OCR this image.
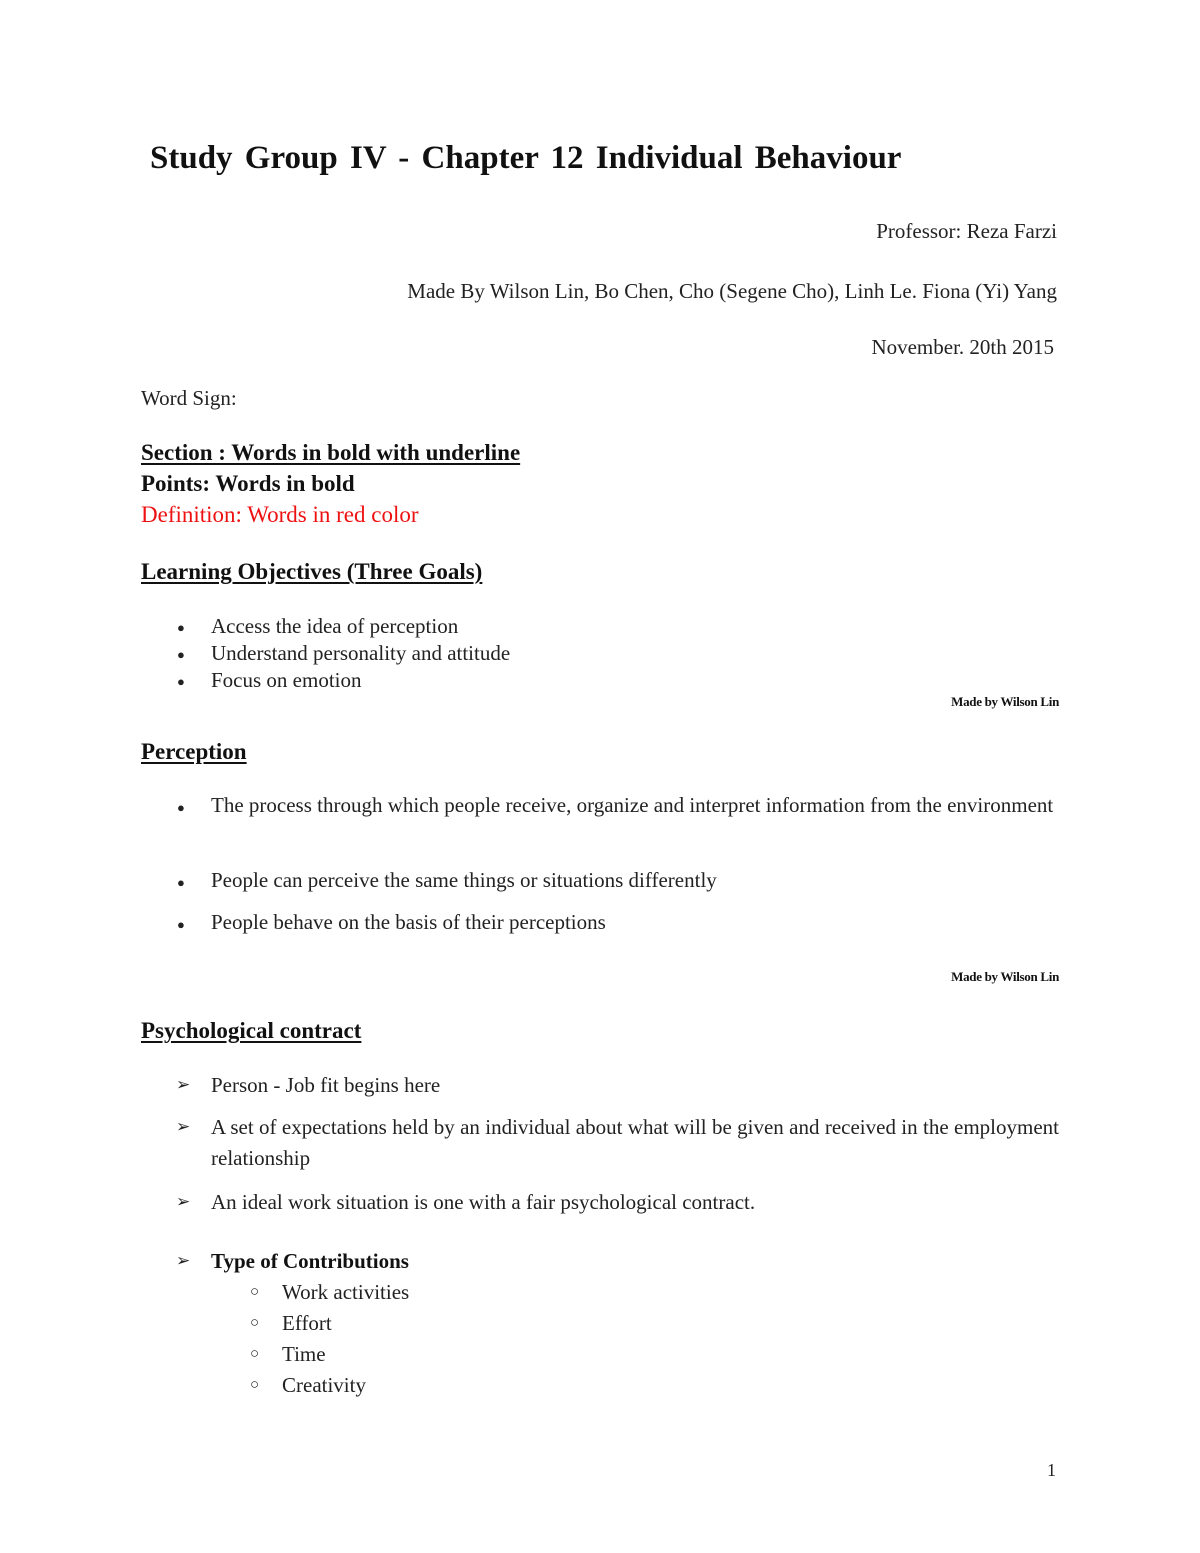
Study Group IV - Chapter 12 Individual Behaviour
Professor: Reza Farzi
Made By Wilson Lin, Bo Chen, Cho (Segene Cho), Linh Le. Fiona (Yi) Yang
November. 20th 2015
Word Sign:
Section : Words in bold with underline
Points: Words in bold
Definition: Words in red color
Learning Objectives (Three Goals)
● Access the idea of perception
● Understand personality and attitude
● Focus on emotion
Made by Wilson Lin
Perception
● The process through which people receive, organize and interpret information from the environment
● People can perceive the same things or situations differently
● People behave on the basis of their perceptions
Made by Wilson Lin
Psychological contract
➢ Person - Job fit begins here
➢ A set of expectations held by an individual about what will be given and received in the employment relationship
➢ An ideal work situation is one with a fair psychological contract.
➢ Type of Contributions
○ Work activities
○ Effort
○ Time
○ Creativity
1
